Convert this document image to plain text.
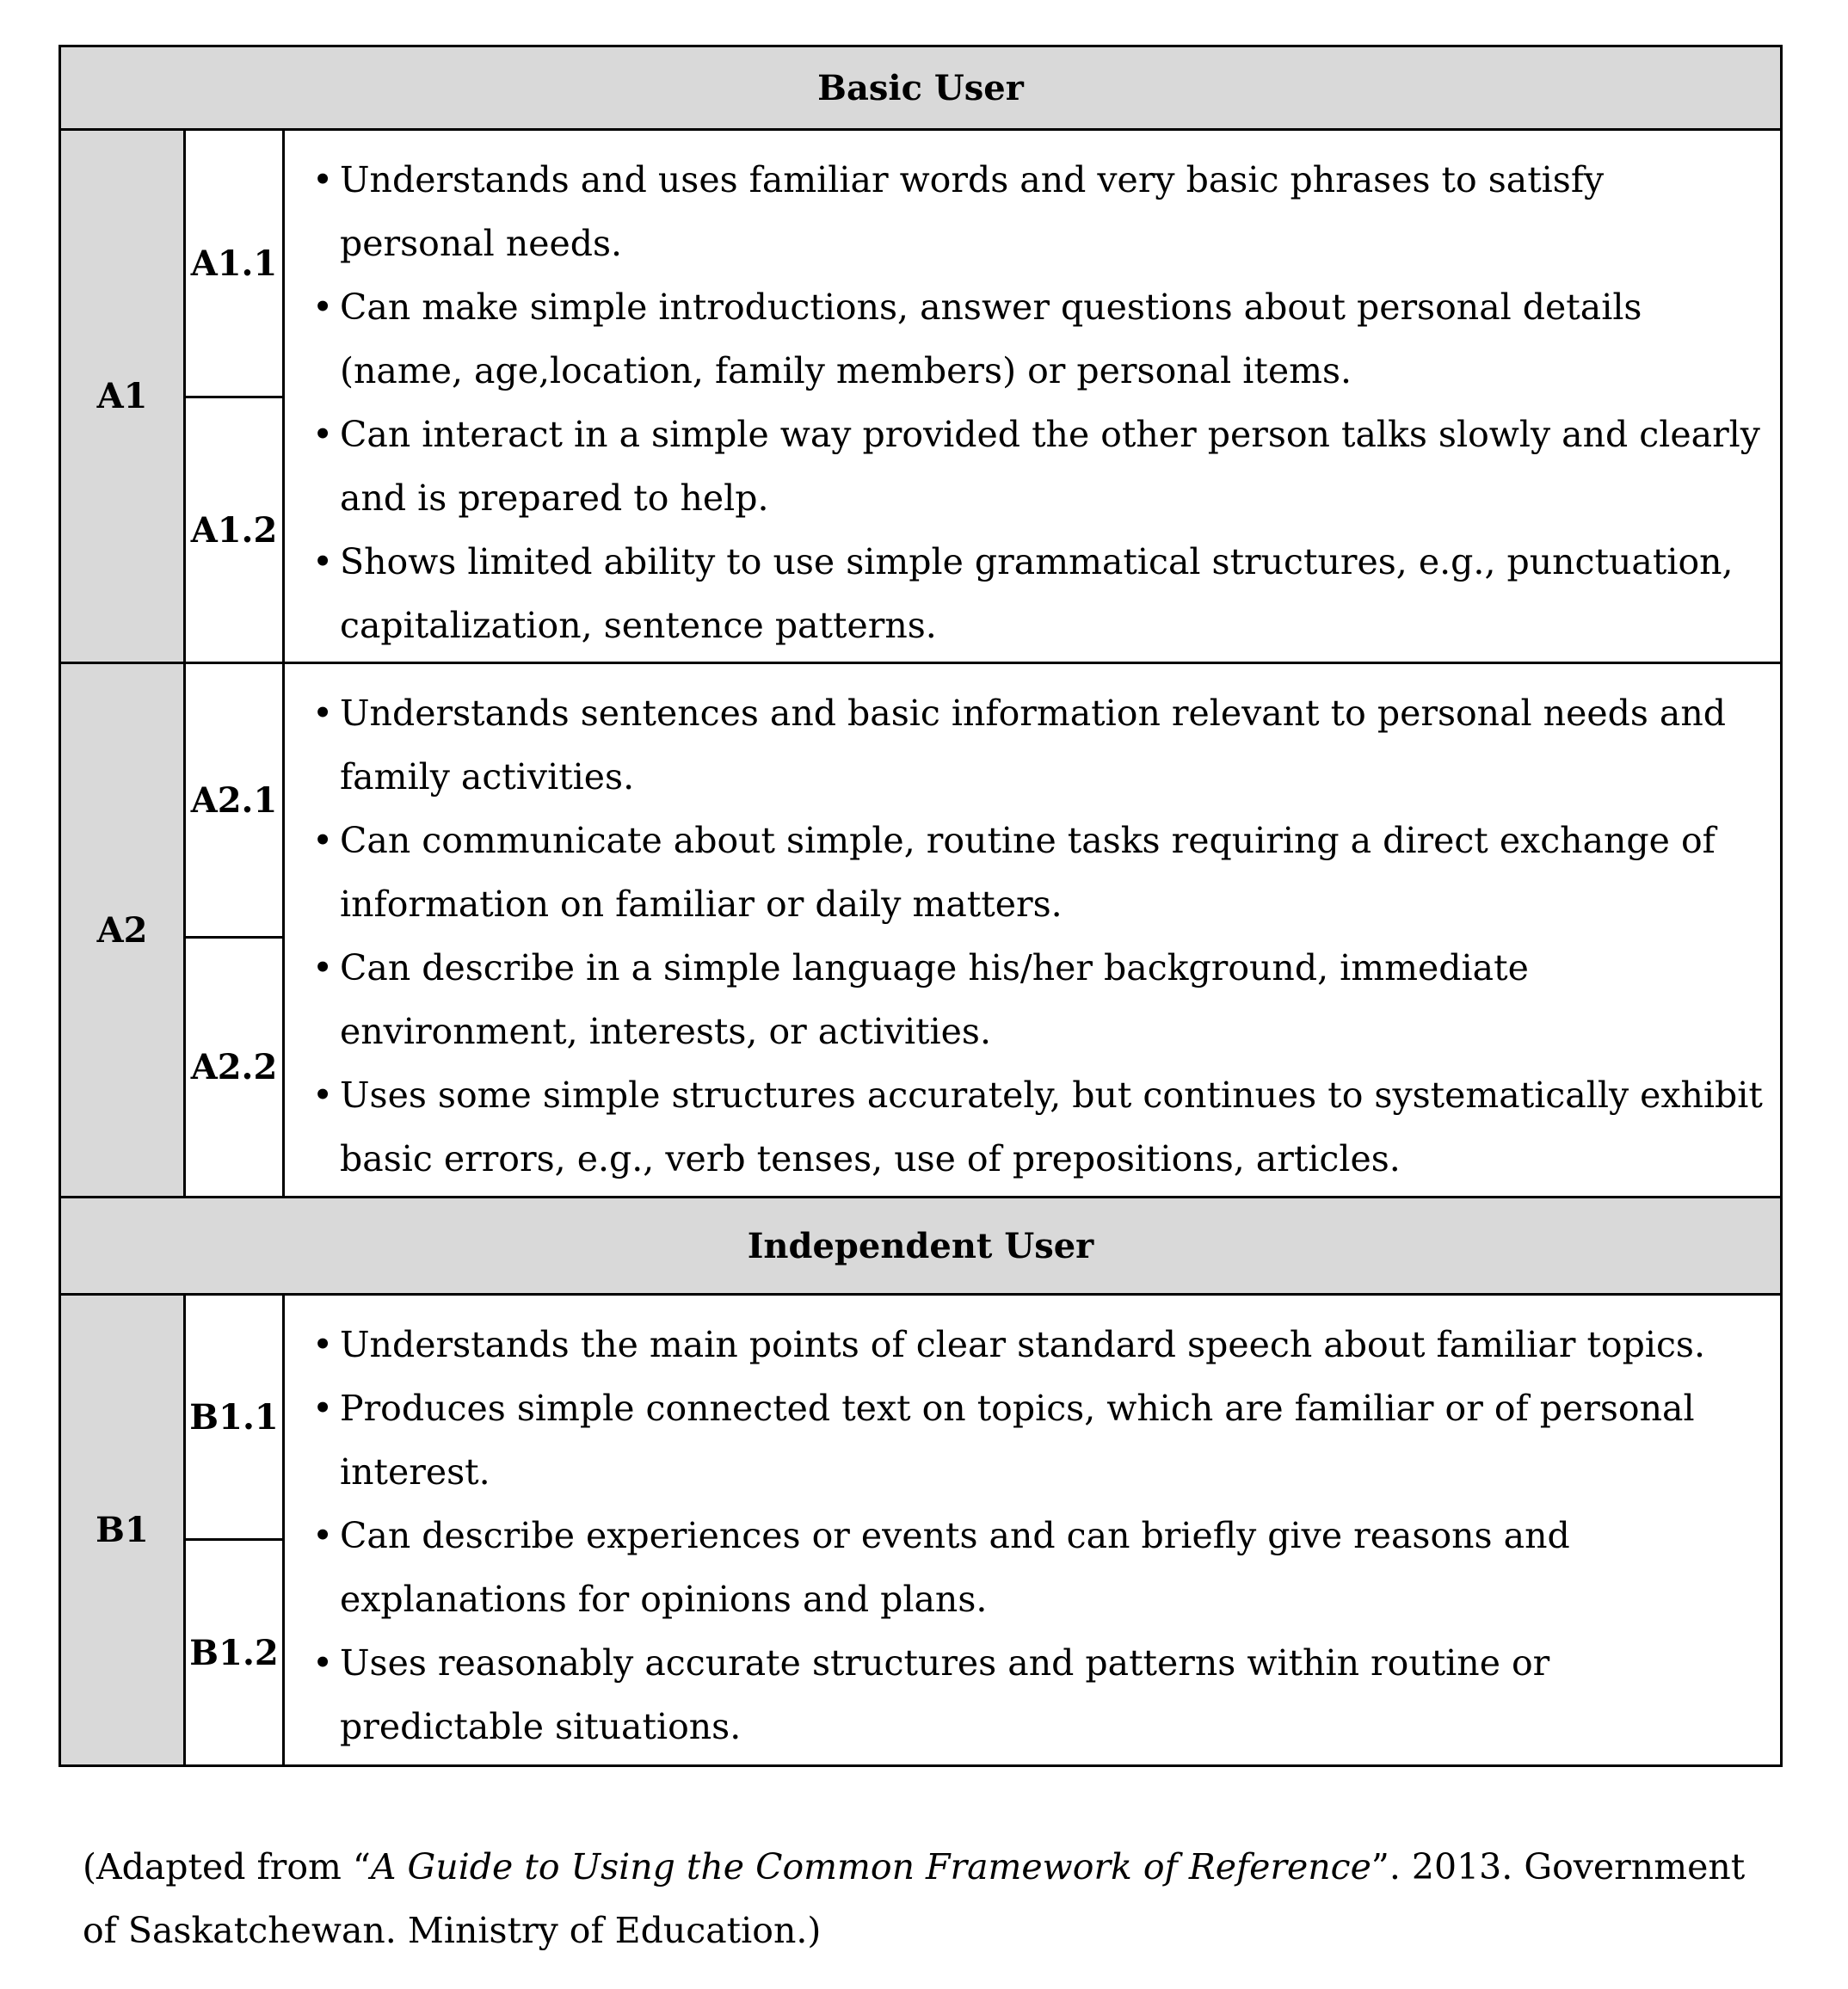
Basic User
A1
A1.1
A1.2
• Understands and uses familiar words and very basic phrases to satisfy personal needs.
• Can make simple introductions, answer questions about personal details (name, age,location, family members) or personal items.
• Can interact in a simple way provided the other person talks slowly and clearly and is prepared to help.
• Shows limited ability to use simple grammatical structures, e.g., punctuation, capitalization, sentence patterns.
A2
A2.1
A2.2
• Understands sentences and basic information relevant to personal needs and family activities.
• Can communicate about simple, routine tasks requiring a direct exchange of information on familiar or daily matters.
• Can describe in a simple language his/her background, immediate environment, interests, or activities.
• Uses some simple structures accurately, but continues to systematically exhibit basic errors, e.g., verb tenses, use of prepositions, articles.
Independent User
B1
B1.1
B1.2
• Understands the main points of clear standard speech about familiar topics.
• Produces simple connected text on topics, which are familiar or of personal interest.
• Can describe experiences or events and can briefly give reasons and explanations for opinions and plans.
• Uses reasonably accurate structures and patterns within routine or predictable situations.

(Adapted from “A Guide to Using the Common Framework of Reference”. 2013. Government of Saskatchewan. Ministry of Education.)
